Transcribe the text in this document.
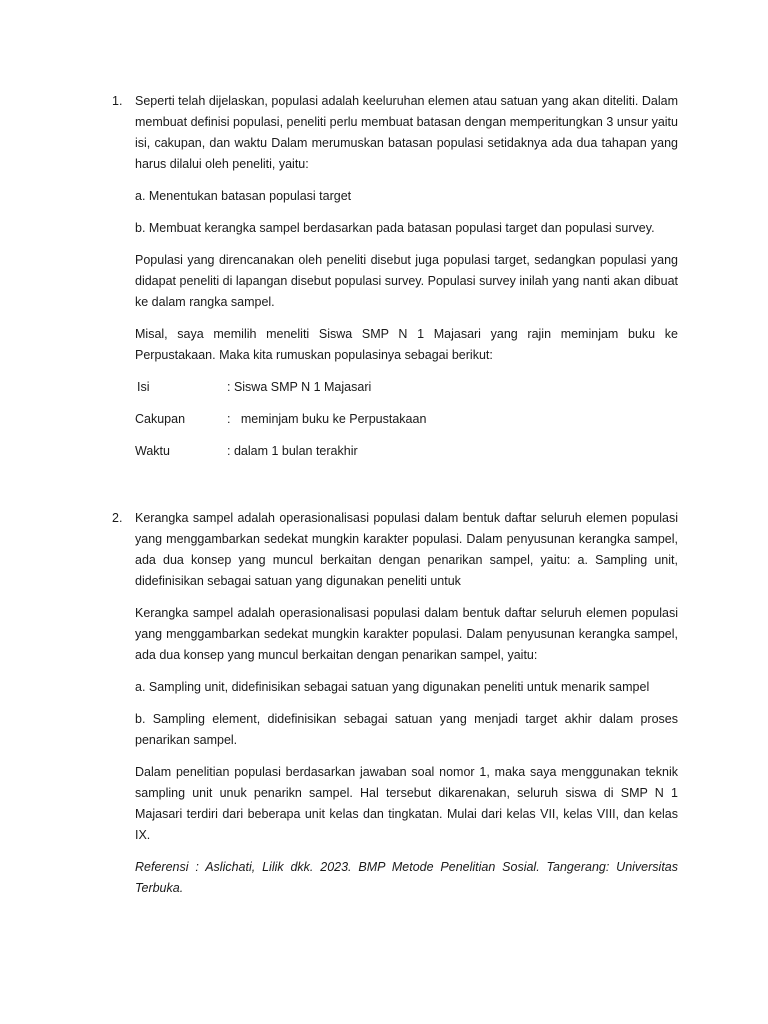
1.	Seperti telah dijelaskan, populasi adalah keeluruhan elemen atau satuan yang akan diteliti. Dalam membuat definisi populasi, peneliti perlu membuat batasan dengan memperitungkan 3 unsur yaitu isi, cakupan, dan waktu Dalam merumuskan batasan populasi setidaknya ada dua tahapan yang harus dilalui oleh peneliti, yaitu:

a. Menentukan batasan populasi target

b. Membuat kerangka sampel berdasarkan pada batasan populasi target dan populasi survey.

Populasi yang direncanakan oleh peneliti disebut juga populasi target, sedangkan populasi yang didapat peneliti di lapangan disebut populasi survey. Populasi survey inilah yang nanti akan dibuat ke dalam rangka sampel.

Misal, saya memilih meneliti Siswa SMP N 1 Majasari yang rajin meminjam buku ke Perpustakaan. Maka kita rumuskan populasinya sebagai berikut:

Isi	: Siswa SMP N 1 Majasari
Cakupan	:   meminjam buku ke Perpustakaan
Waktu	: dalam 1 bulan terakhir
2.	Kerangka sampel adalah operasionalisasi populasi dalam bentuk daftar seluruh elemen populasi yang menggambarkan sedekat mungkin karakter populasi. Dalam penyusunan kerangka sampel, ada dua konsep yang muncul berkaitan dengan penarikan sampel, yaitu: a. Sampling unit, didefinisikan sebagai satuan yang digunakan peneliti untuk

Kerangka sampel adalah operasionalisasi populasi dalam bentuk daftar seluruh elemen populasi yang menggambarkan sedekat mungkin karakter populasi. Dalam penyusunan kerangka sampel, ada dua konsep yang muncul berkaitan dengan penarikan sampel, yaitu:

a. Sampling unit, didefinisikan sebagai satuan yang digunakan peneliti untuk menarik sampel

b. Sampling element, didefinisikan sebagai satuan yang menjadi target akhir dalam proses penarikan sampel.

Dalam penelitian populasi berdasarkan jawaban soal nomor 1, maka saya menggunakan teknik sampling unit unuk penarikn sampel. Hal tersebut dikarenakan, seluruh siswa di SMP N 1 Majasari terdiri dari beberapa unit kelas dan tingkatan. Mulai dari kelas VII, kelas VIII, dan kelas IX.

Referensi : Aslichati, Lilik dkk. 2023. BMP Metode Penelitian Sosial. Tangerang: Universitas Terbuka.
